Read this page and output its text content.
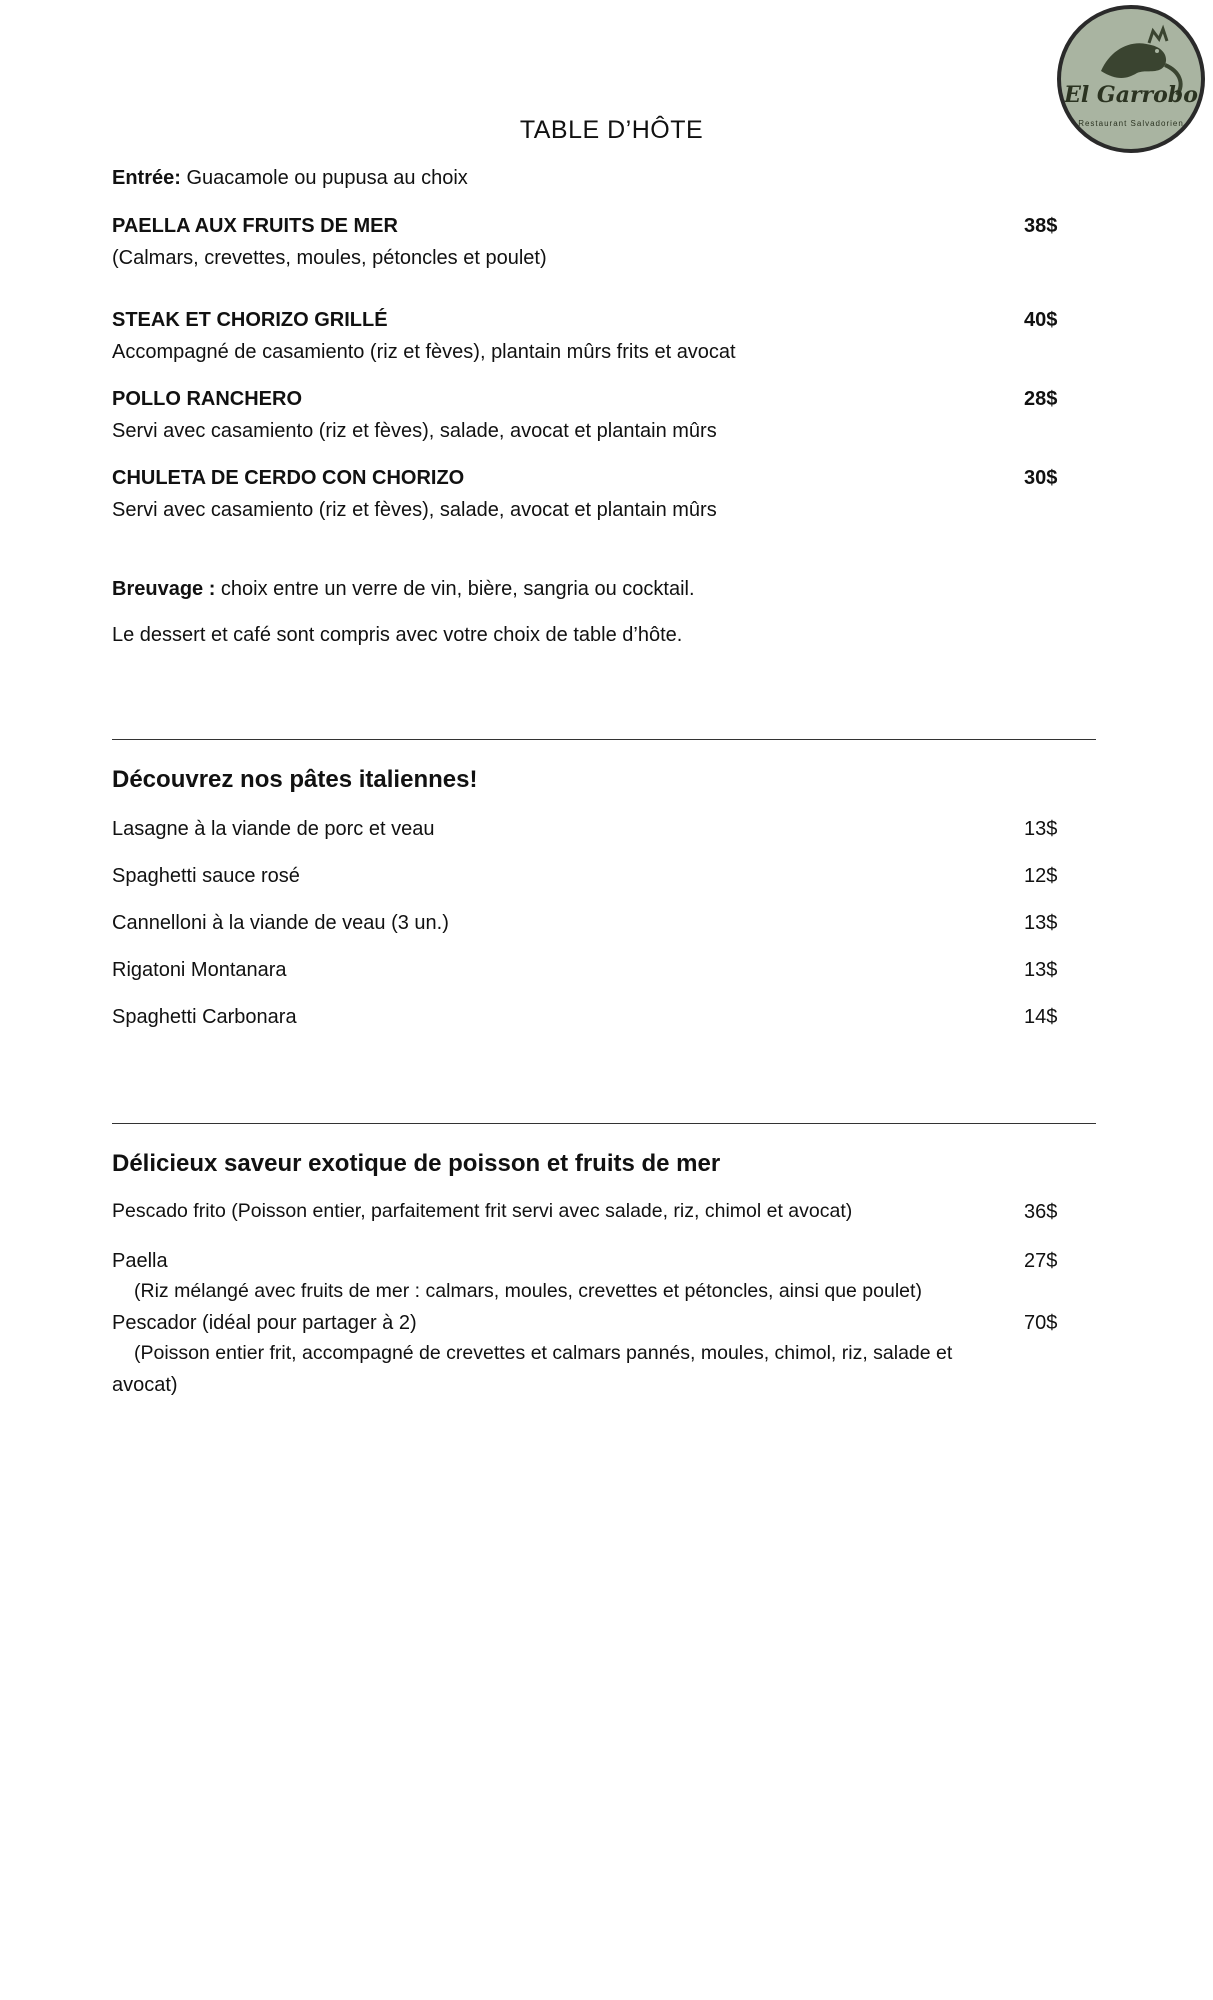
El Garrobo
Restaurant Salvadorien
TABLE D’HÔTE
Entrée: Guacamole ou pupusa au choix
PAELLA AUX FRUITS DE MER	38$
(Calmars, crevettes, moules, pétoncles et poulet)
STEAK ET CHORIZO GRILLÉ	40$
Accompagné de casamiento (riz et fèves), plantain mûrs frits et avocat
POLLO RANCHERO	28$
Servi avec casamiento (riz et fèves), salade, avocat et plantain mûrs
CHULETA DE CERDO CON CHORIZO	30$
Servi avec casamiento (riz et fèves), salade, avocat et plantain mûrs
Breuvage : choix entre un verre de vin, bière, sangria ou cocktail.
Le dessert et café sont compris avec votre choix de table d’hôte.
Découvrez nos pâtes italiennes!
Lasagne à la viande de porc et veau	13$
Spaghetti sauce rosé	12$
Cannelloni à la viande de veau (3 un.)	13$
Rigatoni Montanara	13$
Spaghetti Carbonara	14$
Délicieux saveur exotique de poisson et fruits de mer
Pescado frito (Poisson entier, parfaitement frit servi avec salade, riz, chimol et avocat)	36$
Paella	27$
(Riz mélangé avec fruits de mer : calmars, moules, crevettes et pétoncles, ainsi que poulet)
Pescador (idéal pour partager à 2)	70$
(Poisson entier frit, accompagné de crevettes et calmars pannés, moules, chimol, riz, salade et
avocat)
